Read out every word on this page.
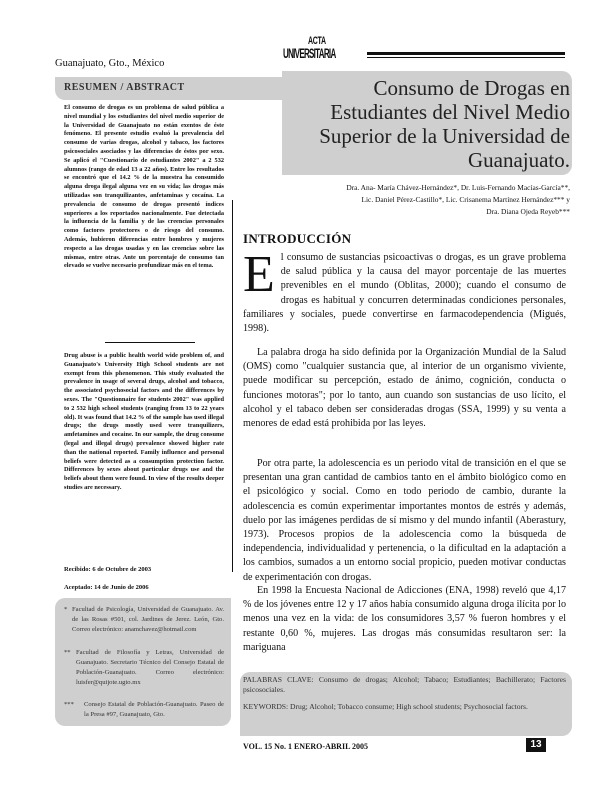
Guanajuato, Gto., México
ACTA
UNIVERSITARIA
RESUMEN / ABSTRACT	Consumo de Drogas en Estudiantes del Nivel Medio Superior de la Universidad de Guanajuato.
Dra. Ana- María Chávez-Hernández*, Dr. Luis-Fernando Macías-García**,
Lic. Daniel Pérez-Castillo*, Lic. Crisanema Martínez Hernández*** y
Dra. Diana Ojeda Reyeb***
El consumo de drogas es un problema de salud pública a nivel mundial y los estudiantes del nivel medio superior de la Universidad de Guanajuato no están exentos de éste fenómeno. El presente estudio evaluó la prevalencia del consumo de varias drogas, alcohol y tabaco, los factores psicosociales asociados y las diferencias de éstos por sexo. Se aplicó el "Cuestionario de estudiantes 2002" a 2 532 alumnos (rango de edad 13 a 22 años). Entre los resultados se encontró que el 14.2 % de la muestra ha consumido alguna droga ilegal alguna vez en su vida; las drogas más utilizadas son tranquilizantes, anfetaminas y cocaína. La prevalencia de consumo de drogas presentó índices superiores a los reportados nacionalmente. Fue detectada la influencia de la familia y de las creencias personales como factores protectores o de riesgo del consumo. Además, hubieron diferencias entre hombres y mujeres respecto a las drogas usadas y en las creencias sobre las mismas, entre otras. Ante un porcentaje de consumo tan elevado se vuelve necesario profundizar más en el tema.
Drug abuse is a public health world wide problem of, and Guanajuato's University High School students are not exempt from this phenomenon. This study evaluated the prevalence in usage of several drugs, alcohol and tobacco, the associated psychosocial factors and the differences by sexes. The "Questionnaire for students 2002" was applied to 2 532 high school students (ranging from 13 to 22 years old). It was found that 14.2 % of the sample has used illegal drugs; the drugs mostly used were tranquilizers, amfetamines and cocaine. In our sample, the drug consume (legal and illegal drugs) prevalence showed higher rate than the national reported. Family influence and personal beliefs were detected as a consumption protection factor. Differences by sexes about particular drugs use and the beliefs about them were found. In view of the results deeper studies are necessary.
Recibido: 6 de Octubre de 2003
Aceptado: 14 de Junio de 2006
* Facultad de Psicología, Universidad de Guanajuato. Av. de las Rosas #501, col. Jardines de Jerez. León, Gto. Correo electrónico: anamchavez@hotmail.com
** Facultad de Filosofía y Letras, Universidad de Guanajuato. Secretario Técnico del Consejo Estatal de Población-Guanajuato. Correo electrónico: luisfer@quijote.ugto.mx
***	Consejo Estatal de Población-Guanajuato. Paseo de la Presa #97, Guanajuato, Gto.
INTRODUCCIÓN
E l consumo de sustancias psicoactivas o drogas, es un grave problema de salud pública y la causa del mayor porcentaje de las muertes prevenibles en el mundo (Oblitas, 2000); cuando el consumo de drogas es habitual y concurren determinadas condiciones personales, familiares y sociales, puede convertirse en farmacodependencia (Migués, 1998).
La palabra droga ha sido definida por la Organización Mundial de la Salud (OMS) como "cualquier sustancia que, al interior de un organismo viviente, puede modificar su percepción, estado de ánimo, cognición, conducta o funciones motoras"; por lo tanto, aun cuando son sustancias de uso lícito, el alcohol y el tabaco deben ser consideradas drogas (SSA, 1999) y su venta a menores de edad está prohibida por las leyes.
Por otra parte, la adolescencia es un periodo vital de transición en el que se presentan una gran cantidad de cambios tanto en el ámbito biológico como en el psicológico y social. Como en todo periodo de cambio, durante la adolescencia es común experimentar importantes montos de estrés y además, duelo por las imágenes perdidas de sí mismo y del mundo infantil (Aberastury, 1973). Procesos propios de la adolescencia como la búsqueda de independencia, individualidad y pertenencia, o la dificultad en la adaptación a los cambios, sumados a un entorno social propicio, pueden motivar conductas de experimentación con drogas.
En 1998 la Encuesta Nacional de Adicciones (ENA, 1998) reveló que 4,17 % de los jóvenes entre 12 y 17 años había consumido alguna droga ilícita por lo menos una vez en la vida: de los consumidores 3,57 % fueron hombres y el restante 0,60 %, mujeres. Las drogas más consumidas resultaron ser: la mariguana
PALABRAS CLAVE: Consumo de drogas; Alcohol; Tabaco; Estudiantes; Bachillerato; Factores psicosociales.
KEYWORDS: Drug; Alcohol; Tobacco consume; High school students; Psychosocial factors.
VOL. 15 No. 1 ENERO-ABRIL 2005	13
